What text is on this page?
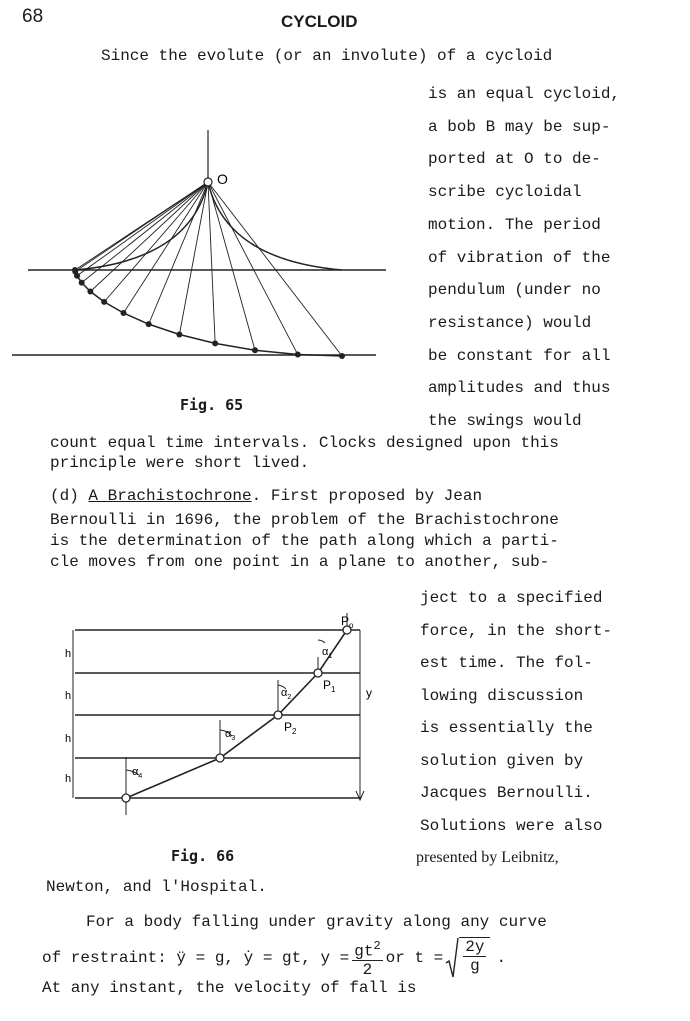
68	CYCLOID
Since the evolute (or an involute) of a cycloid
is an equal cycloid,
a bob B may be sup-
ported at O to de-
scribe cycloidal
motion. The period
of vibration of the
pendulum (under no
resistance) would
be constant for all
amplitudes and thus
the swings would
count equal time intervals. Clocks designed upon this
principle were short lived.
O
Fig. 65
(d) A Brachistochrone. First proposed by Jean
Bernoulli in 1696, the problem of the Brachistochrone
is the determination of the path along which a parti-
cle moves from one point in a plane to another, sub-
ject to a specified
force, in the short-
est time. The fol-
lowing discussion
is essentially the
solution given by
Jacques Bernoulli.
Solutions were also
presented by Leibnitz,
Newton, and l'Hospital.
h
h
h
h
y
$P_o$
$P_1$
$P_2$
$\alpha_1$
$\alpha_2$
$\alpha_3$
$\alpha_4$
Fig. 66
For a body falling under gravity along any curve
of restraint: ÿ = g, ẏ = gt, $y = \frac{gt^2}{2}$ or $t = \frac{2y}{g}$ .
At any instant, the velocity of fall is
